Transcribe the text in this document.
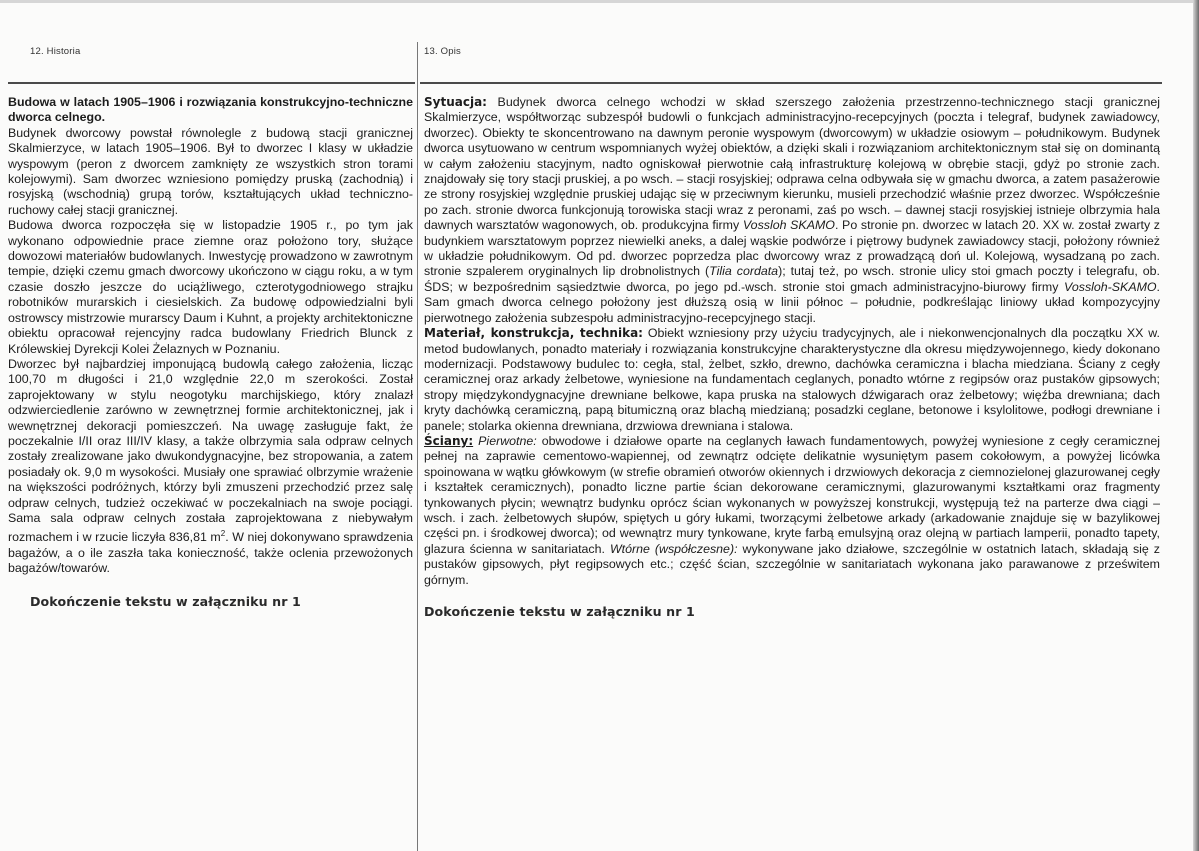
12. Historia	13. Opis

Budowa w latach 1905–1906 i rozwiązania konstrukcyjno-techniczne dworca celnego.

Budynek dworcowy powstał równolegle z budową stacji granicznej Skalmierzyce, w latach 1905–1906. Był to dworzec I klasy w układzie wyspowym (peron z dworcem zamknięty ze wszystkich stron torami kolejowymi). Sam dworzec wzniesiono pomiędzy pruską (zachodnią) i rosyjską (wschodnią) grupą torów, kształtujących układ techniczno-ruchowy całej stacji granicznej.

Budowa dworca rozpoczęła się w listopadzie 1905 r., po tym jak wykonano odpowiednie prace ziemne oraz położono tory, służące dowozowi materiałów budowlanych. Inwestycję prowadzono w zawrotnym tempie, dzięki czemu gmach dworcowy ukończono w ciągu roku, a w tym czasie doszło jeszcze do uciążliwego, czterotygodniowego strajku robotników murarskich i ciesielskich. Za budowę odpowiedzialni byli ostrowscy mistrzowie murarscy Daum i Kuhnt, a projekty architektoniczne obiektu opracował rejencyjny radca budowlany Friedrich Blunck z Królewskiej Dyrekcji Kolei Żelaznych w Poznaniu.

Dworzec był najbardziej imponującą budowlą całego założenia, licząc 100,70 m długości i 21,0 względnie 22,0 m szerokości. Został zaprojektowany w stylu neogotyku marchijskiego, który znalazł odzwierciedlenie zarówno w zewnętrznej formie architektonicznej, jak i wewnętrznej dekoracji pomieszczeń. Na uwagę zasługuje fakt, że poczekalnie I/II oraz III/IV klasy, a także olbrzymia sala odpraw celnych zostały zrealizowane jako dwukondygnacyjne, bez stropowania, a zatem posiadały ok. 9,0 m wysokości. Musiały one sprawiać olbrzymie wrażenie na większości podróżnych, którzy byli zmuszeni przechodzić przez salę odpraw celnych, tudzież oczekiwać w poczekalniach na swoje pociągi. Sama sala odpraw celnych została zaprojektowana z niebywałym rozmachem i w rzucie liczyła 836,81 $m^2$. W niej dokonywano sprawdzenia bagażów, a o ile zaszła taka konieczność, także oclenia przewożonych bagażów/towarów.

Dokończenie tekstu w załączniku nr 1

Sytuacja: Budynek dworca celnego wchodzi w skład szerszego założenia przestrzenno-technicznego stacji granicznej Skalmierzyce, współtworząc subzespół budowli o funkcjach administracyjno-recepcyjnych (poczta i telegraf, budynek zawiadowcy, dworzec). Obiekty te skoncentrowano na dawnym peronie wyspowym (dworcowym) w układzie osiowym – południkowym. Budynek dworca usytuowano w centrum wspomnianych wyżej obiektów, a dzięki skali i rozwiązaniom architektonicznym stał się on dominantą w całym założeniu stacyjnym, nadto ogniskował pierwotnie całą infrastrukturę kolejową w obrębie stacji, gdyż po stronie zach. znajdowały się tory stacji pruskiej, a po wsch. – stacji rosyjskiej; odprawa celna odbywała się w gmachu dworca, a zatem pasażerowie ze strony rosyjskiej względnie pruskiej udając się w przeciwnym kierunku, musieli przechodzić właśnie przez dworzec. Współcześnie po zach. stronie dworca funkcjonują torowiska stacji wraz z peronami, zaś po wsch. – dawnej stacji rosyjskiej istnieje olbrzymia hala dawnych warsztatów wagonowych, ob. produkcyjna firmy Vossloh SKAMO. Po stronie pn. dworzec w latach 20. XX w. został zwarty z budynkiem warsztatowym poprzez niewielki aneks, a dalej wąskie podwórze i piętrowy budynek zawiadowcy stacji, położony również w układzie południkowym. Od pd. dworzec poprzedza plac dworcowy wraz z prowadzącą doń ul. Kolejową, wysadzaną po zach. stronie szpalerem oryginalnych lip drobnolistnych (Tilia cordata); tutaj też, po wsch. stronie ulicy stoi gmach poczty i telegrafu, ob. ŚDS; w bezpośrednim sąsiedztwie dworca, po jego pd.-wsch. stronie stoi gmach administracyjno-biurowy firmy Vossloh-SKAMO. Sam gmach dworca celnego położony jest dłuższą osią w linii północ – południe, podkreślając liniowy układ kompozycyjny pierwotnego założenia subzespołu administracyjno-recepcyjnego stacji.

Materiał, konstrukcja, technika: Obiekt wzniesiony przy użyciu tradycyjnych, ale i niekonwencjonalnych dla początku XX w. metod budowlanych, ponadto materiały i rozwiązania konstrukcyjne charakterystyczne dla okresu międzywojennego, kiedy dokonano modernizacji. Podstawowy budulec to: cegła, stal, żelbet, szkło, drewno, dachówka ceramiczna i blacha miedziana. Ściany z cegły ceramicznej oraz arkady żelbetowe, wyniesione na fundamentach ceglanych, ponadto wtórne z regipsów oraz pustaków gipsowych; stropy międzykondygnacyjne drewniane belkowe, kapa pruska na stalowych dźwigarach oraz żelbetowy; więźba drewniana; dach kryty dachówką ceramiczną, papą bitumiczną oraz blachą miedzianą; posadzki ceglane, betonowe i ksylolitowe, podłogi drewniane i panele; stolarka okienna drewniana, drzwiowa drewniana i stalowa.

Ściany: Pierwotne: obwodowe i działowe oparte na ceglanych ławach fundamentowych, powyżej wyniesione z cegły ceramicznej pełnej na zaprawie cementowo-wapiennej, od zewnątrz odcięte delikatnie wysuniętym pasem cokołowym, a powyżej licówka spoinowana w wątku główkowym (w strefie obramień otworów okiennych i drzwiowych dekoracja z ciemnozielonej glazurowanej cegły i kształtek ceramicznych), ponadto liczne partie ścian dekorowane ceramicznymi, glazurowanymi kształtkami oraz fragmenty tynkowanych płycin; wewnątrz budynku oprócz ścian wykonanych w powyższej konstrukcji, występują też na parterze dwa ciągi – wsch. i zach. żelbetowych słupów, spiętych u góry łukami, tworzącymi żelbetowe arkady (arkadowanie znajduje się w bazylikowej części pn. i środkowej dworca); od wewnątrz mury tynkowane, kryte farbą emulsyjną oraz olejną w partiach lamperii, ponadto tapety, glazura ścienna w sanitariatach. Wtórne (współczesne): wykonywane jako działowe, szczególnie w ostatnich latach, składają się z pustaków gipsowych, płyt regipsowych etc.; część ścian, szczególnie w sanitariatach wykonana jako parawanowe z prześwitem górnym.

Dokończenie tekstu w załączniku nr 1
